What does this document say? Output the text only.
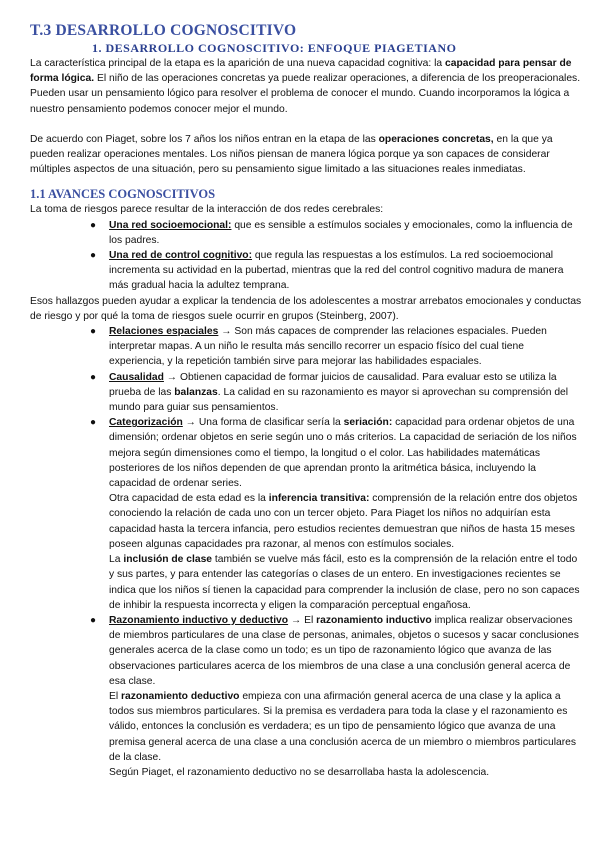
T.3 DESARROLLO COGNOSCITIVO
1. DESARROLLO COGNOSCITIVO: ENFOQUE PIAGETIANO

La característica principal de la etapa es la aparición de una nueva capacidad cognitiva: la capacidad para pensar de forma lógica. El niño de las operaciones concretas ya puede realizar operaciones, a diferencia de los preoperacionales. Pueden usar un pensamiento lógico para resolver el problema de conocer el mundo. Cuando incorporamos la lógica a nuestro pensamiento podemos conocer mejor el mundo.

De acuerdo con Piaget, sobre los 7 años los niños entran en la etapa de las operaciones concretas, en la que ya pueden realizar operaciones mentales. Los niños piensan de manera lógica porque ya son capaces de considerar múltiples aspectos de una situación, pero su pensamiento sigue limitado a las situaciones reales inmediatas.

1.1 AVANCES COGNOSCITIVOS

La toma de riesgos parece resultar de la interacción de dos redes cerebrales:

● Una red socioemocional: que es sensible a estímulos sociales y emocionales, como la influencia de los padres.

● Una red de control cognitivo: que regula las respuestas a los estímulos. La red socioemocional incrementa su actividad en la pubertad, mientras que la red del control cognitivo madura de manera más gradual hacia la adultez temprana.

Esos hallazgos pueden ayudar a explicar la tendencia de los adolescentes a mostrar arrebatos emocionales y conductas de riesgo y por qué la toma de riesgos suele ocurrir en grupos (Steinberg, 2007).

● Relaciones espaciales → Son más capaces de comprender las relaciones espaciales. Pueden interpretar mapas. A un niño le resulta más sencillo recorrer un espacio físico del cual tiene experiencia, y la repetición también sirve para mejorar las habilidades espaciales.

● Causalidad → Obtienen capacidad de formar juicios de causalidad. Para evaluar esto se utiliza la prueba de las balanzas. La calidad en su razonamiento es mayor si aprovechan su comprensión del mundo para guiar sus pensamientos.

● Categorización → Una forma de clasificar sería la seriación: capacidad para ordenar objetos de una dimensión; ordenar objetos en serie según uno o más criterios. La capacidad de seriación de los niños mejora según dimensiones como el tiempo, la longitud o el color. Las habilidades matemáticas posteriores de los niños dependen de que aprendan pronto la aritmética básica, incluyendo la capacidad de ordenar series.

Otra capacidad de esta edad es la inferencia transitiva: comprensión de la relación entre dos objetos conociendo la relación de cada uno con un tercer objeto. Para Piaget los niños no adquirían esta capacidad hasta la tercera infancia, pero estudios recientes demuestran que niños de hasta 15 meses poseen algunas capacidades pra razonar, al menos con estímulos sociales.

La inclusión de clase también se vuelve más fácil, esto es la comprensión de la relación entre el todo y sus partes, y para entender las categorías o clases de un entero. En investigaciones recientes se indica que los niños sí tienen la capacidad para comprender la inclusión de clase, pero no son capaces de inhibir la respuesta incorrecta y eligen la comparación perceptual engañosa.

● Razonamiento inductivo y deductivo → El razonamiento inductivo implica realizar observaciones de miembros particulares de una clase de personas, animales, objetos o sucesos y sacar conclusiones generales acerca de la clase como un todo; es un tipo de razonamiento lógico que avanza de las observaciones particulares acerca de los miembros de una clase a una conclusión general acerca de esa clase.

El razonamiento deductivo empieza con una afirmación general acerca de una clase y la aplica a todos sus miembros particulares. Si la premisa es verdadera para toda la clase y el razonamiento es válido, entonces la conclusión es verdadera; es un tipo de pensamiento lógico que avanza de una premisa general acerca de una clase a una conclusión acerca de un miembro o miembros particulares de la clase.

Según Piaget, el razonamiento deductivo no se desarrollaba hasta la adolescencia.
